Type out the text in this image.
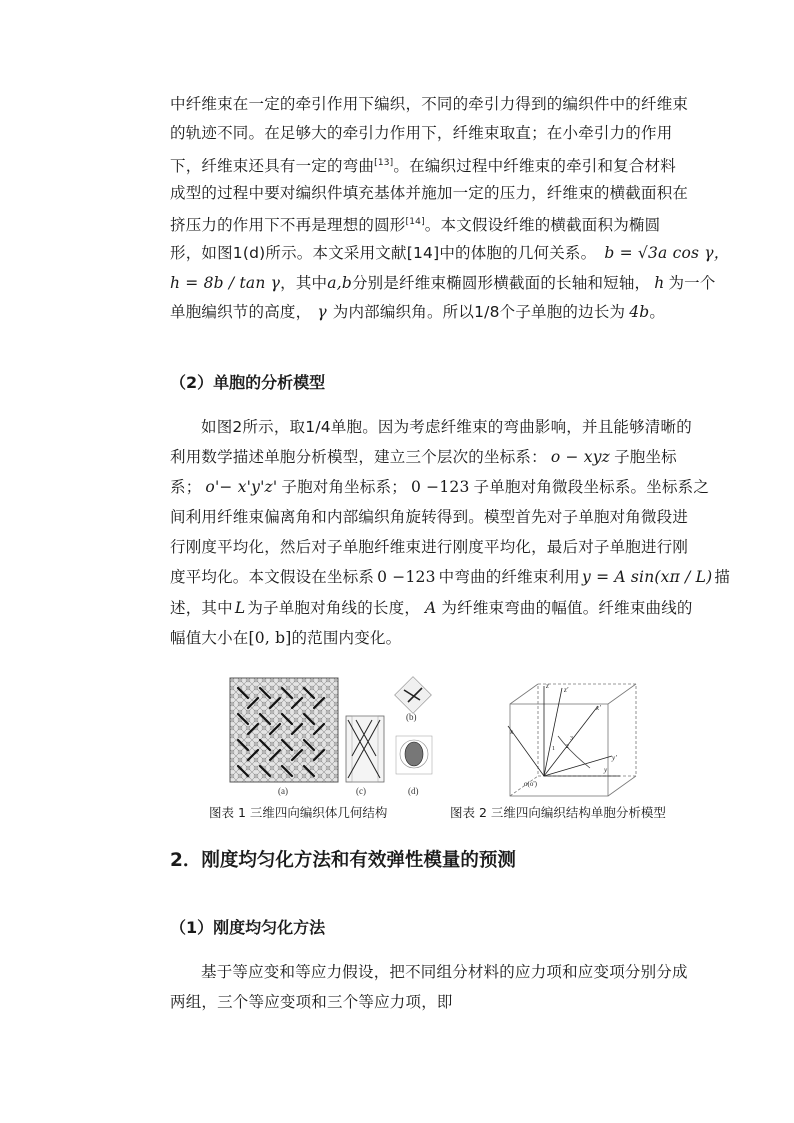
中纤维束在一定的牵引作用下编织，不同的牵引力得到的编织件中的纤维束
的轨迹不同。在足够大的牵引力作用下，纤维束取直；在小牵引力的作用
下，纤维束还具有一定的弯曲[13]。在编织过程中纤维束的牵引和复合材料
成型的过程中要对编织件填充基体并施加一定的压力，纤维束的横截面积在
挤压力的作用下不再是理想的圆形[14]。本文假设纤维的横截面积为椭圆
形，如图1(d)所示。本文采用文献[14]中的体胞的几何关系。 b = √3a cos γ，
h = 8b / tan γ，其中a,b分别是纤维束椭圆形横截面的长轴和短轴， h 为一个
单胞编织节的高度， γ 为内部编织角。所以1/8个子单胞的边长为 4b。
（2）单胞的分析模型
如图2所示，取1/4单胞。因为考虑纤维束的弯曲影响，并且能够清晰的
利用数学描述单胞分析模型，建立三个层次的坐标系： o − xyz 子胞坐标
系； o'− x'y'z' 子胞对角坐标系； 0 −123 子单胞对角微段坐标系。坐标系之
间利用纤维束偏离角和内部编织角旋转得到。模型首先对子单胞对角微段进
行刚度平均化，然后对子单胞纤维束进行刚度平均化，最后对子单胞进行刚
度平均化。本文假设在坐标系 0 −123 中弯曲的纤维束利用 y = A sin(xπ / L) 描
述，其中 L 为子单胞对角线的长度， A 为纤维束弯曲的幅值。纤维束曲线的
幅值大小在[0, b]的范围内变化。
(a)	(c)
(b)
(d)
图表 1 三维四向编织体几何结构
z z'
x'
x
y
y'
o(o')
1 2
3
图表 2 三维四向编织结构单胞分析模型
2．刚度均匀化方法和有效弹性模量的预测
（1）刚度均匀化方法
基于等应变和等应力假设，把不同组分材料的应力项和应变项分别分成
两组，三个等应变项和三个等应力项，即
